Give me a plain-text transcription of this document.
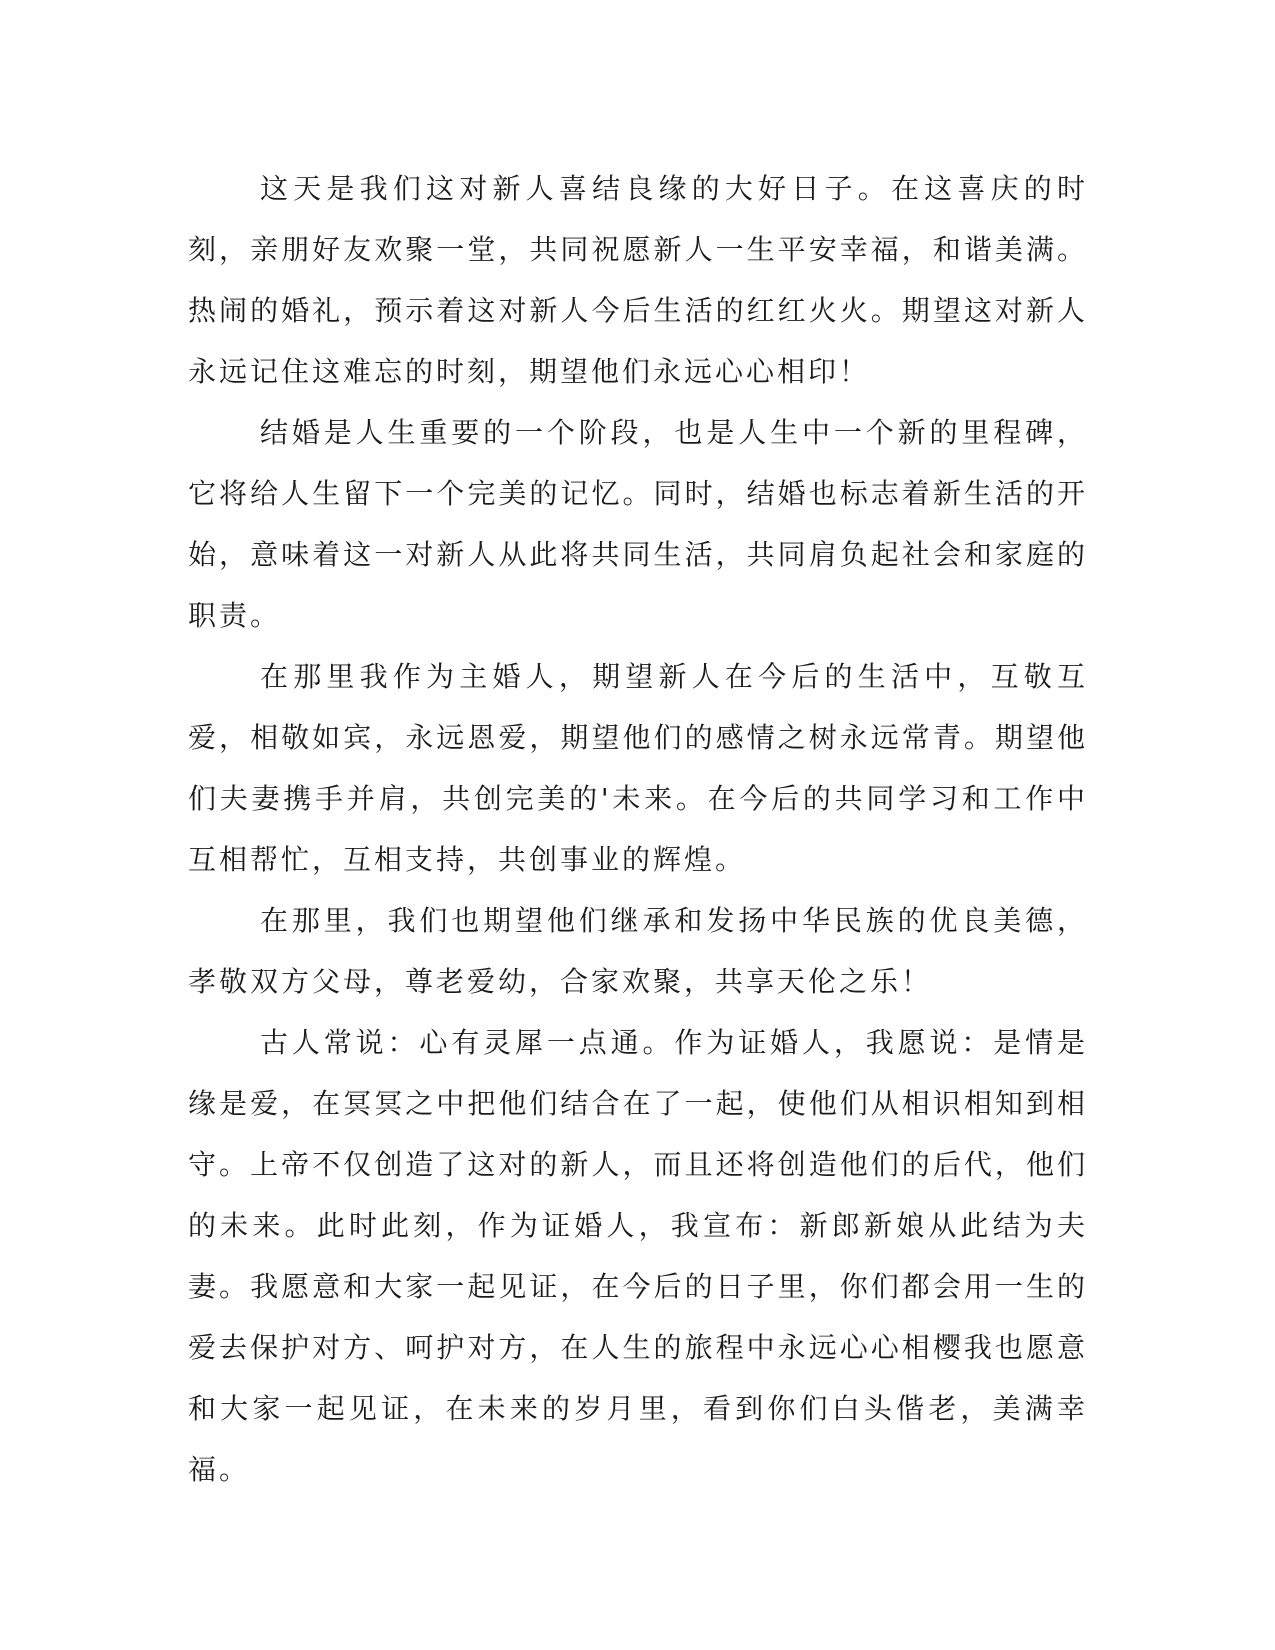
这天是我们这对新人喜结良缘的大好日子。在这喜庆的时刻，亲朋好友欢聚一堂，共同祝愿新人一生平安幸福，和谐美满。热闹的婚礼，预示着这对新人今后生活的红红火火。期望这对新人永远记住这难忘的时刻，期望他们永远心心相印！

结婚是人生重要的一个阶段，也是人生中一个新的里程碑，它将给人生留下一个完美的记忆。同时，结婚也标志着新生活的开始，意味着这一对新人从此将共同生活，共同肩负起社会和家庭的职责。

在那里我作为主婚人，期望新人在今后的生活中，互敬互爱，相敬如宾，永远恩爱，期望他们的感情之树永远常青。期望他们夫妻携手并肩，共创完美的'未来。在今后的共同学习和工作中互相帮忙，互相支持，共创事业的辉煌。

在那里，我们也期望他们继承和发扬中华民族的优良美德，孝敬双方父母，尊老爱幼，合家欢聚，共享天伦之乐！

古人常说：心有灵犀一点通。作为证婚人，我愿说：是情是缘是爱，在冥冥之中把他们结合在了一起，使他们从相识相知到相守。上帝不仅创造了这对的新人，而且还将创造他们的后代，他们的未来。此时此刻，作为证婚人，我宣布：新郎新娘从此结为夫妻。我愿意和大家一起见证，在今后的日子里，你们都会用一生的爱去保护对方、呵护对方，在人生的旅程中永远心心相樱我也愿意和大家一起见证，在未来的岁月里，看到你们白头偕老，美满幸福。
